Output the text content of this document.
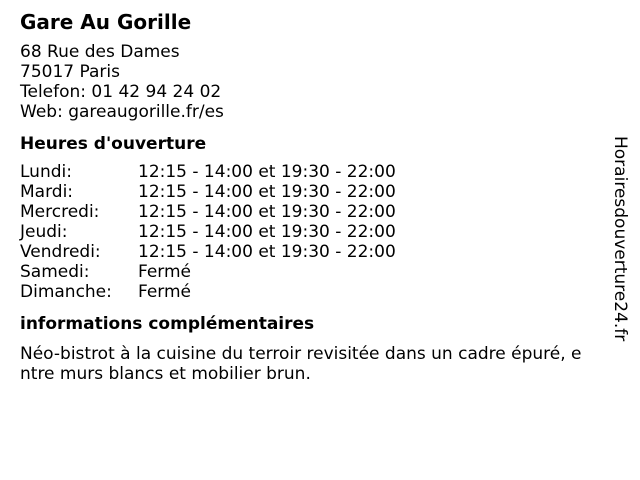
Gare Au Gorille
68 Rue des Dames
75017 Paris
Telefon: 01 42 94 24 02
Web: gareaugorille.fr/es
Heures d'ouverture
Lundi:	12:15 - 14:00 et 19:30 - 22:00
Mardi:	12:15 - 14:00 et 19:30 - 22:00
Mercredi:	12:15 - 14:00 et 19:30 - 22:00
Jeudi:	12:15 - 14:00 et 19:30 - 22:00
Vendredi:	12:15 - 14:00 et 19:30 - 22:00
Samedi:	Fermé
Dimanche:	Fermé
informations complémentaires
Néo-bistrot à la cuisine du terroir revisitée dans un cadre épuré, entre murs blancs et mobilier brun.
Horairesdouverture24.fr
